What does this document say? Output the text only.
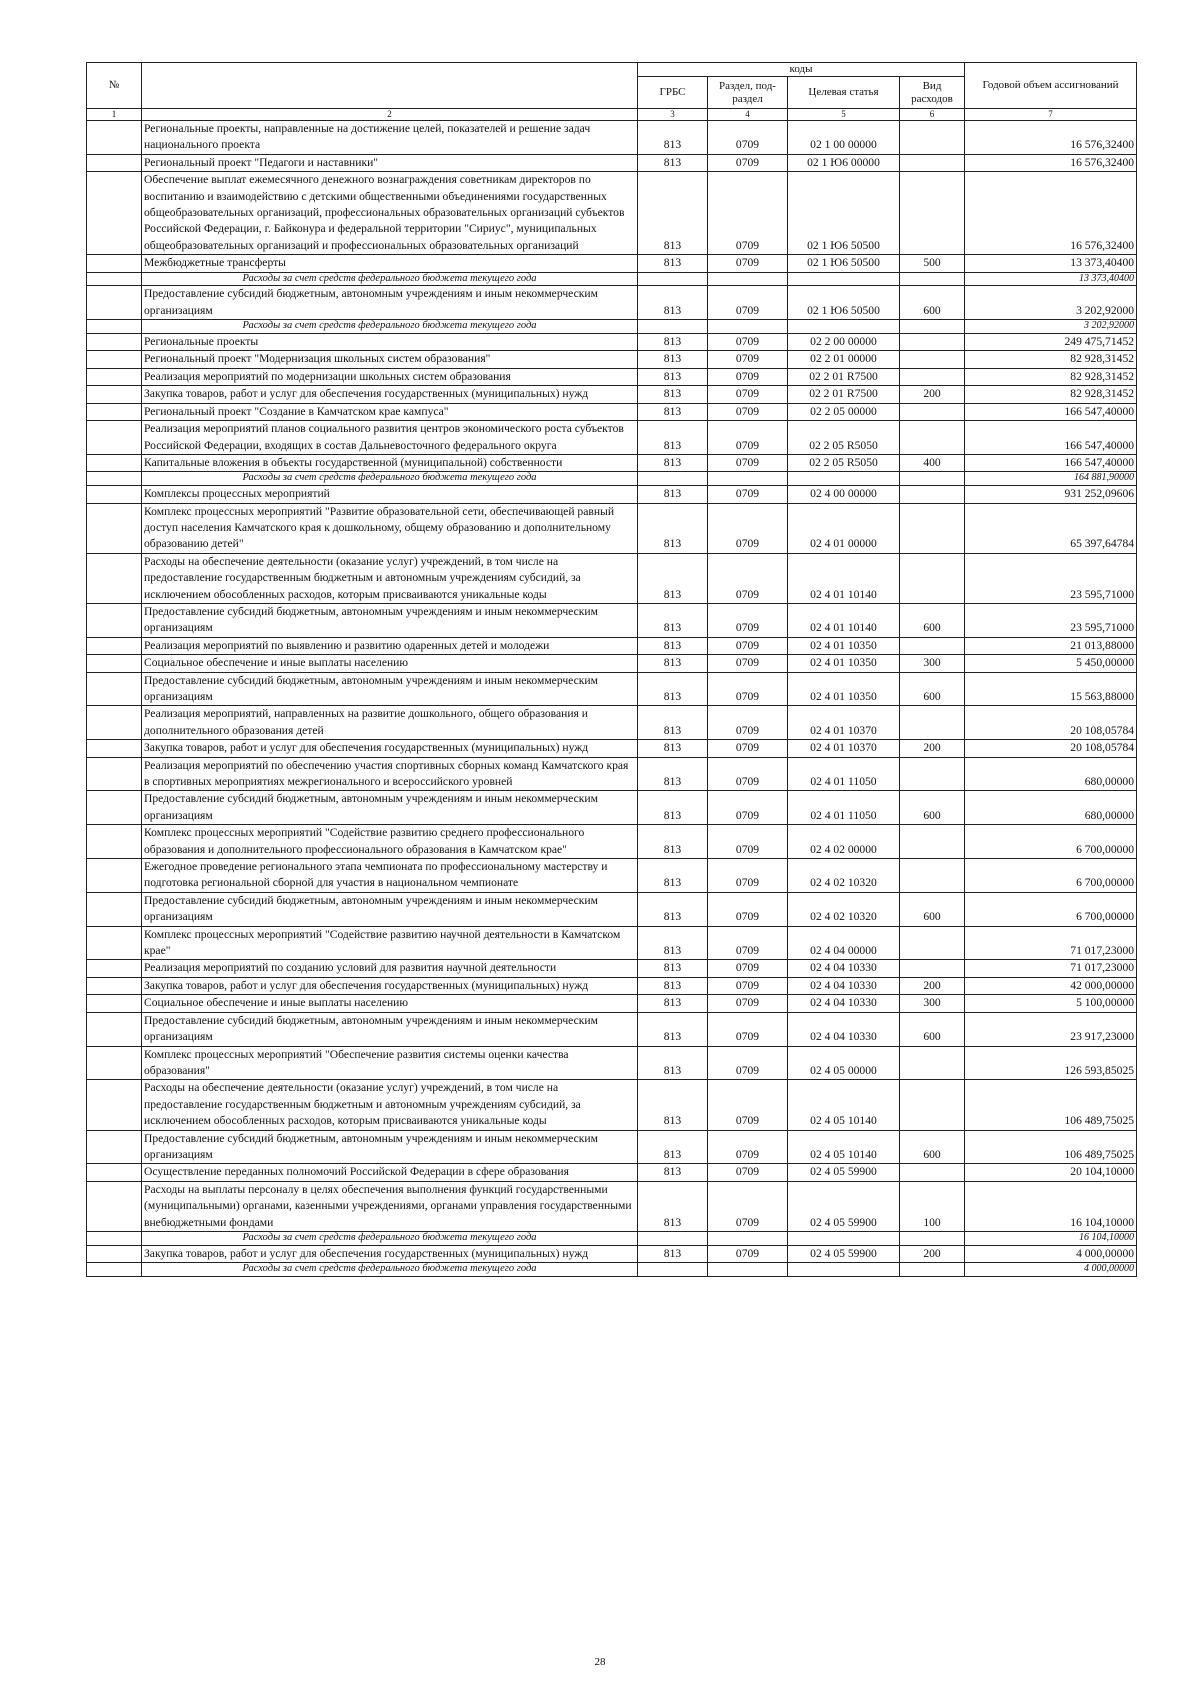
№		коды				Годовой объем ассигнований
		ГРБС	Раздел, под-раздел	Целевая статья	Вид расходов	
1	2	3	4	5	6	7
	Региональные проекты, направленные на достижение целей, показателей и решение задач национального проекта	813	0709	02 1 00 00000		16 576,32400
	Региональный проект "Педагоги и наставники"	813	0709	02 1 Ю6 00000		16 576,32400
	Обеспечение выплат ежемесячного денежного вознаграждения советникам директоров по воспитанию и взаимодействию с детскими общественными объединениями государственных общеобразовательных организаций, профессиональных образовательных организаций субъектов Российской Федерации, г. Байконура и федеральной территории "Сириус", муниципальных общеобразовательных организаций и профессиональных образовательных организаций	813	0709	02 1 Ю6 50500		16 576,32400
	Межбюджетные трансферты	813	0709	02 1 Ю6 50500	500	13 373,40400
	Расходы за счет средств федерального бюджета текущего года					13 373,40400
	Предоставление субсидий бюджетным, автономным учреждениям и иным некоммерческим организациям	813	0709	02 1 Ю6 50500	600	3 202,92000
	Расходы за счет средств федерального бюджета текущего года					3 202,92000
	Региональные проекты	813	0709	02 2 00 00000		249 475,71452
	Региональный проект "Модернизация школьных систем образования"	813	0709	02 2 01 00000		82 928,31452
	Реализация мероприятий по модернизации школьных систем образования	813	0709	02 2 01 R7500		82 928,31452
	Закупка товаров, работ и услуг для обеспечения государственных (муниципальных) нужд	813	0709	02 2 01 R7500	200	82 928,31452
	Региональный проект "Создание в Камчатском крае кампуса"	813	0709	02 2 05 00000		166 547,40000
	Реализация мероприятий планов социального развития центров экономического роста субъектов Российской Федерации, входящих в состав Дальневосточного федерального округа	813	0709	02 2 05 R5050		166 547,40000
	Капитальные вложения в объекты государственной (муниципальной) собственности	813	0709	02 2 05 R5050	400	166 547,40000
	Расходы за счет средств федерального бюджета текущего года					164 881,90000
	Комплексы процессных мероприятий	813	0709	02 4 00 00000		931 252,09606
	Комплекс процессных мероприятий "Развитие образовательной сети, обеспечивающей равный доступ населения Камчатского края к дошкольному, общему образованию и дополнительному образованию детей"	813	0709	02 4 01 00000		65 397,64784
	Расходы на обеспечение деятельности (оказание услуг) учреждений, в том числе на предоставление государственным бюджетным и автономным учреждениям субсидий, за исключением обособленных расходов, которым присваиваются уникальные коды	813	0709	02 4 01 10140		23 595,71000
	Предоставление субсидий бюджетным, автономным учреждениям и иным некоммерческим организациям	813	0709	02 4 01 10140	600	23 595,71000
	Реализация мероприятий по выявлению и развитию одаренных детей и молодежи	813	0709	02 4 01 10350		21 013,88000
	Социальное обеспечение и иные выплаты населению	813	0709	02 4 01 10350	300	5 450,00000
	Предоставление субсидий бюджетным, автономным учреждениям и иным некоммерческим организациям	813	0709	02 4 01 10350	600	15 563,88000
	Реализация мероприятий, направленных на развитие дошкольного, общего образования и дополнительного образования детей	813	0709	02 4 01 10370		20 108,05784
	Закупка товаров, работ и услуг для обеспечения государственных (муниципальных) нужд	813	0709	02 4 01 10370	200	20 108,05784
	Реализация мероприятий по обеспечению участия спортивных сборных команд Камчатского края в спортивных мероприятиях межрегионального и всероссийского уровней	813	0709	02 4 01 11050		680,00000
	Предоставление субсидий бюджетным, автономным учреждениям и иным некоммерческим организациям	813	0709	02 4 01 11050	600	680,00000
	Комплекс процессных мероприятий "Содействие развитию среднего профессионального образования и дополнительного профессионального образования в Камчатском крае"	813	0709	02 4 02 00000		6 700,00000
	Ежегодное проведение регионального этапа чемпионата по профессиональному мастерству и подготовка региональной сборной для участия в национальном чемпионате	813	0709	02 4 02 10320		6 700,00000
	Предоставление субсидий бюджетным, автономным учреждениям и иным некоммерческим организациям	813	0709	02 4 02 10320	600	6 700,00000
	Комплекс процессных мероприятий "Содействие развитию научной деятельности в Камчатском крае"	813	0709	02 4 04 00000		71 017,23000
	Реализация мероприятий по созданию условий для развития научной деятельности	813	0709	02 4 04 10330		71 017,23000
	Закупка товаров, работ и услуг для обеспечения государственных (муниципальных) нужд	813	0709	02 4 04 10330	200	42 000,00000
	Социальное обеспечение и иные выплаты населению	813	0709	02 4 04 10330	300	5 100,00000
	Предоставление субсидий бюджетным, автономным учреждениям и иным некоммерческим организациям	813	0709	02 4 04 10330	600	23 917,23000
	Комплекс процессных мероприятий "Обеспечение развития системы оценки качества образования"	813	0709	02 4 05 00000		126 593,85025
	Расходы на обеспечение деятельности (оказание услуг) учреждений, в том числе на предоставление государственным бюджетным и автономным учреждениям субсидий, за исключением обособленных расходов, которым присваиваются уникальные коды	813	0709	02 4 05 10140		106 489,75025
	Предоставление субсидий бюджетным, автономным учреждениям и иным некоммерческим организациям	813	0709	02 4 05 10140	600	106 489,75025
	Осуществление переданных полномочий Российской Федерации в сфере образования	813	0709	02 4 05 59900		20 104,10000
	Расходы на выплаты персоналу в целях обеспечения выполнения функций государственными (муниципальными) органами, казенными учреждениями, органами управления государственными внебюджетными фондами	813	0709	02 4 05 59900	100	16 104,10000
	Расходы за счет средств федерального бюджета текущего года					16 104,10000
	Закупка товаров, работ и услуг для обеспечения государственных (муниципальных) нужд	813	0709	02 4 05 59900	200	4 000,00000
	Расходы за счет средств федерального бюджета текущего года					4 000,00000
28
